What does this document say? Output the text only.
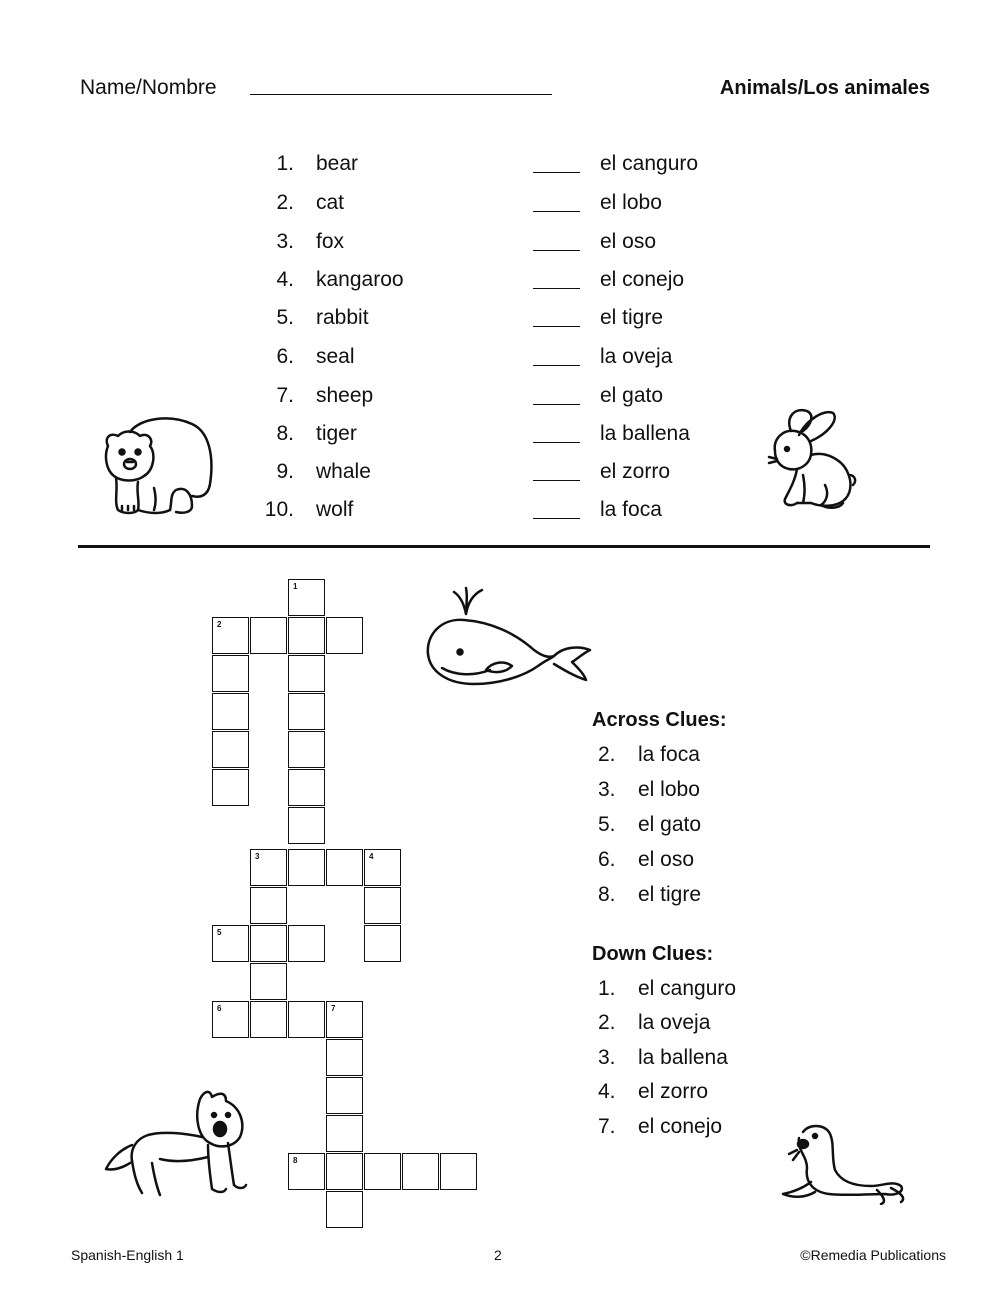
Name/Nombre	Animals/Los animales
1. bear	el canguro
2. cat	el lobo
3. fox	el oso
4. kangaroo	el conejo
5. rabbit	el tigre
6. seal	la oveja
7. sheep	el gato
8. tiger	la ballena
9. whale	el zorro
10. wolf	la foca
1
2
3	4
5
6	7
8
Across Clues:
2. la foca
3. el lobo
5. el gato
6. el oso
8. el tigre
Down Clues:
1. el canguro
2. la oveja
3. la ballena
4. el zorro
7. el conejo
Spanish-English 1	2	©Remedia Publications
